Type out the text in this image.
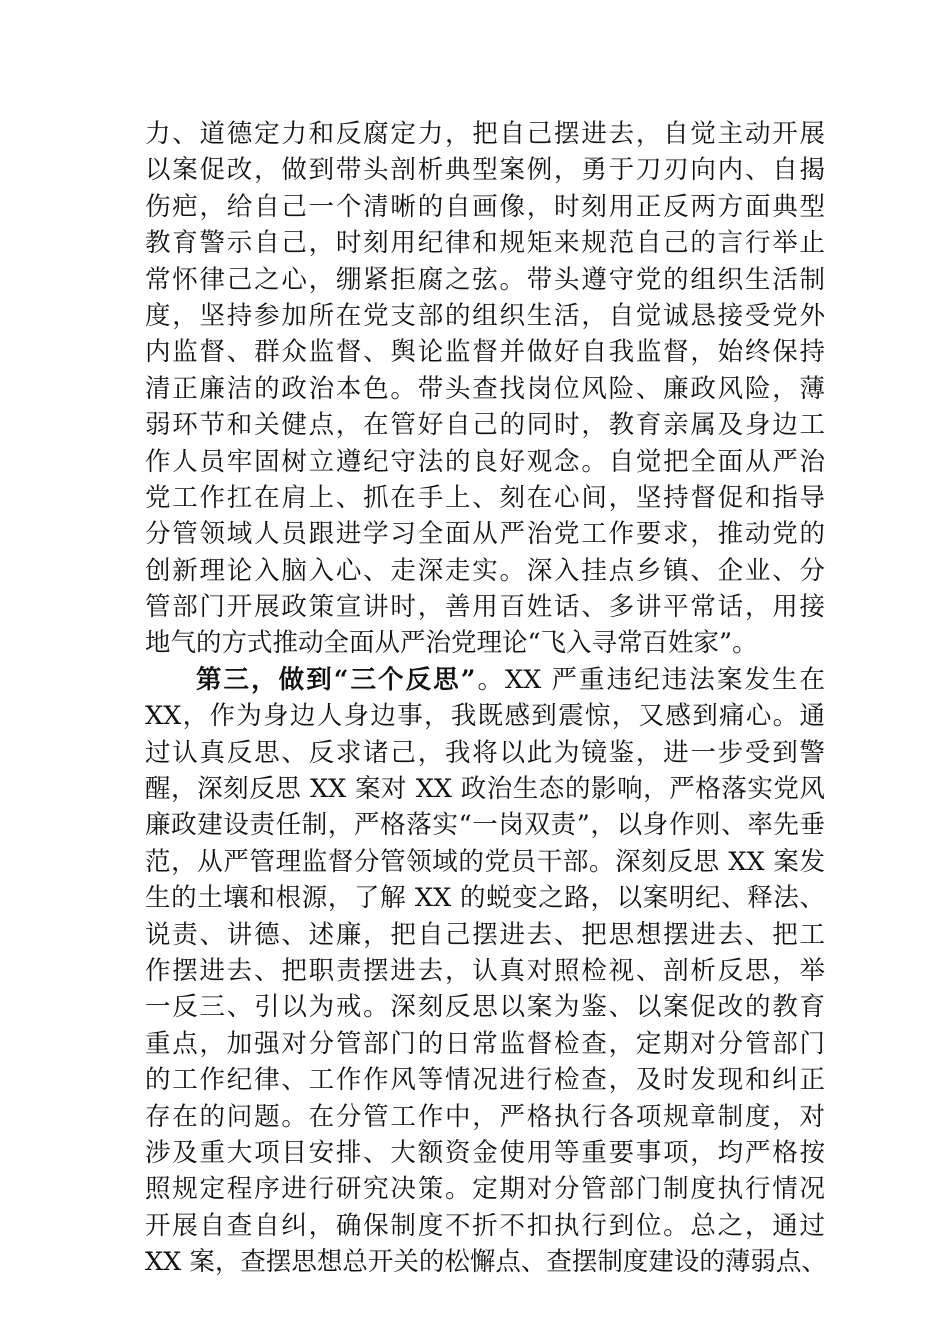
力、道德定力和反腐定力，把自己摆进去，自觉主动开展
以案促改，做到带头剖析典型案例，勇于刀刃向内、自揭
伤疤，给自己一个清晰的自画像，时刻用正反两方面典型
教育警示自己，时刻用纪律和规矩来规范自己的言行举止
常怀律己之心，绷紧拒腐之弦。带头遵守党的组织生活制
度，坚持参加所在党支部的组织生活，自觉诚恳接受党外
内监督、群众监督、舆论监督并做好自我监督，始终保持
清正廉洁的政治本色。带头查找岗位风险、廉政风险，薄
弱环节和关健点，在管好自己的同时，教育亲属及身边工
作人员牢固树立遵纪守法的良好观念。自觉把全面从严治
党工作扛在肩上、抓在手上、刻在心间，坚持督促和指导
分管领域人员跟进学习全面从严治党工作要求，推动党的
创新理论入脑入心、走深走实。深入挂点乡镇、企业、分
管部门开展政策宣讲时，善用百姓话、多讲平常话，用接
地气的方式推动全面从严治党理论“飞入寻常百姓家”。
第三，做到“三个反思”。XX 严重违纪违法案发生在
XX，作为身边人身边事，我既感到震惊，又感到痛心。通
过认真反思、反求诸己，我将以此为镜鉴，进一步受到警
醒，深刻反思 XX 案对 XX 政治生态的影响，严格落实党风
廉政建设责任制，严格落实“一岗双责”，以身作则、率先垂
范，从严管理监督分管领域的党员干部。深刻反思 XX 案发
生的土壤和根源，了解 XX 的蜕变之路，以案明纪、释法、
说责、讲德、述廉，把自己摆进去、把思想摆进去、把工
作摆进去、把职责摆进去，认真对照检视、剖析反思，举
一反三、引以为戒。深刻反思以案为鉴、以案促改的教育
重点，加强对分管部门的日常监督检查，定期对分管部门
的工作纪律、工作作风等情况进行检查，及时发现和纠正
存在的问题。在分管工作中，严格执行各项规章制度，对
涉及重大项目安排、大额资金使用等重要事项，均严格按
照规定程序进行研究决策。定期对分管部门制度执行情况
开展自查自纠，确保制度不折不扣执行到位。总之，通过
XX 案，查摆思想总开关的松懈点、查摆制度建设的薄弱点、
